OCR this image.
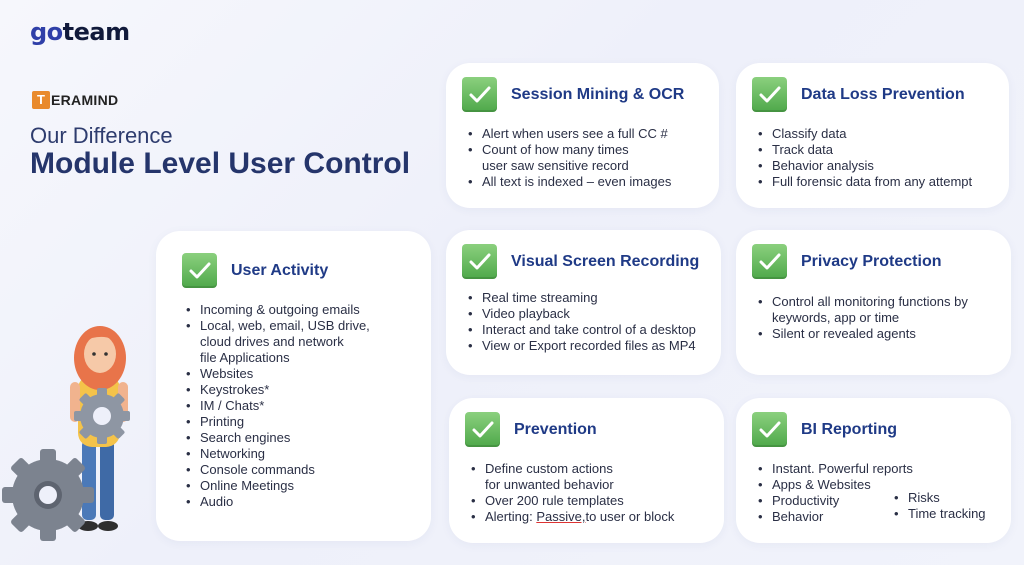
goteam
T ERAMIND
Our Difference
Module Level User Control
User Activity
• Incoming & outgoing emails
• Local, web, email, USB drive,
cloud drives and network
file Applications
• Websites
• Keystrokes*
• IM / Chats*
• Printing
• Search engines
• Networking
• Console commands
• Online Meetings
• Audio
Session Mining & OCR
• Alert when users see a full CC #
• Count of how many times
user saw sensitive record
• All text is indexed – even images
Data Loss Prevention
• Classify data
• Track data
• Behavior analysis
• Full forensic data from any attempt
Visual Screen Recording
• Real time streaming
• Video playback
• Interact and take control of a desktop
• View or Export recorded files as MP4
Privacy Protection
• Control all monitoring functions by
keywords, app or time
• Silent or revealed agents
Prevention
• Define custom actions
for unwanted behavior
• Over 200 rule templates
• Alerting: Passive,to user or block
BI Reporting
• Instant. Powerful reports
• Apps & Websites
• Productivity
• Behavior
• Risks
• Time tracking
